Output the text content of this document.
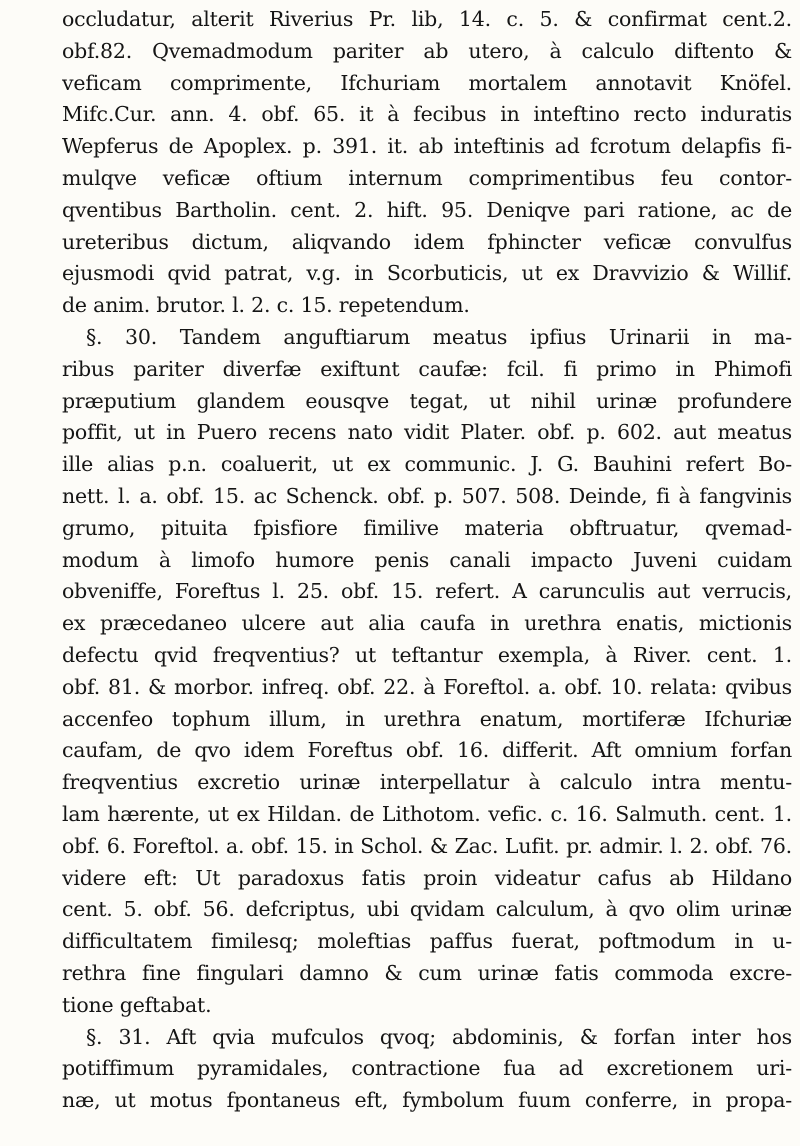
occludatur, alterit Riverius Pr. lib, 14. c. 5. & confirmat cent.2.
obf.82. Qvemadmodum pariter ab utero, à calculo diftento &
veficam comprimente, Ifchuriam mortalem annotavit Knöfel.
Mifc.Cur. ann. 4. obf. 65. it à fecibus in inteftino recto induratis
Wepferus de Apoplex. p. 391. it. ab inteftinis ad fcrotum delapfis fi-
mulqve veficæ oftium internum comprimentibus feu contor-
qventibus Bartholin. cent. 2. hift. 95. Deniqve pari ratione, ac de
ureteribus dictum, aliqvando idem fphincter veficæ convulfus
ejusmodi qvid patrat, v.g. in Scorbuticis, ut ex Dravvizio & Willif.
de anim. brutor. l. 2. c. 15. repetendum.
§. 30. Tandem anguftiarum meatus ipfius Urinarii in ma-
ribus pariter diverfæ exiftunt caufæ: fcil. fi primo in Phimofi
præputium glandem eousqve tegat, ut nihil urinæ profundere
poffit, ut in Puero recens nato vidit Plater. obf. p. 602. aut meatus
ille alias p.n. coaluerit, ut ex communic. J. G. Bauhini refert Bo-
nett. l. a. obf. 15. ac Schenck. obf. p. 507. 508. Deinde, fi à fangvinis
grumo, pituita fpisfiore fimilive materia obftruatur, qvemad-
modum à limofo humore penis canali impacto Juveni cuidam
obveniffe, Foreftus l. 25. obf. 15. refert. A carunculis aut verrucis,
ex præcedaneo ulcere aut alia caufa in urethra enatis, mictionis
defectu qvid freqventius? ut teftantur exempla, à River. cent. 1.
obf. 81. & morbor. infreq. obf. 22. à Foreftol. a. obf. 10. relata: qvibus
accenfeo tophum illum, in urethra enatum, mortiferæ Ifchuriæ
caufam, de qvo idem Foreftus obf. 16. differit. Aft omnium forfan
freqventius excretio urinæ interpellatur à calculo intra mentu-
lam hærente, ut ex Hildan. de Lithotom. vefic. c. 16. Salmuth. cent. 1.
obf. 6. Foreftol. a. obf. 15. in Schol. & Zac. Lufit. pr. admir. l. 2. obf. 76.
videre eft: Ut paradoxus fatis proin videatur cafus ab Hildano
cent. 5. obf. 56. defcriptus, ubi qvidam calculum, à qvo olim urinæ
difficultatem fimilesq; moleftias paffus fuerat, poftmodum in u-
rethra fine fingulari damno & cum urinæ fatis commoda excre-
tione geftabat.
§. 31. Aft qvia mufculos qvoq; abdominis, & forfan inter hos
potiffimum pyramidales, contractione fua ad excretionem uri-
næ, ut motus fpontaneus eft, fymbolum fuum conferre, in propa-
